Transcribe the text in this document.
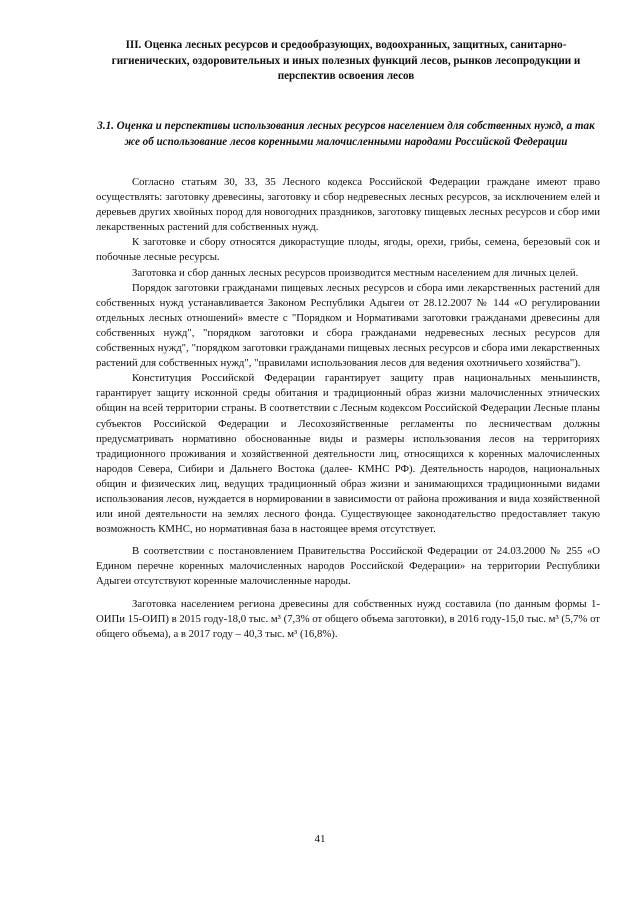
III. Оценка лесных ресурсов и средообразующих, водоохранных, защитных, санитарно-гигиенических, оздоровительных и иных полезных функций лесов, рынков лесопродукции и перспектив освоения лесов
3.1. Оценка и перспективы использования лесных ресурсов населением для собственных нужд, а так же об использование лесов коренными малочисленными народами Российской Федерации

Согласно статьям 30, 33, 35 Лесного кодекса Российской Федерации граждане имеют право осуществлять: заготовку древесины, заготовку и сбор недревесных лесных ресурсов, за исключением елей и деревьев других хвойных пород для новогодних праздников, заготовку пищевых лесных ресурсов и сбор ими лекарственных растений для собственных нужд.

К заготовке и сбору относятся дикорастущие плоды, ягоды, орехи, грибы, семена, березовый сок и побочные лесные ресурсы.

Заготовка и сбор данных лесных ресурсов производится местным населением для личных целей.

Порядок заготовки гражданами пищевых лесных ресурсов и сбора ими лекарственных растений для собственных нужд устанавливается Законом Республики Адыгеи от 28.12.2007 № 144 «О регулировании отдельных лесных отношений» вместе с "Порядком и Нормативами заготовки гражданами древесины для собственных нужд", "порядком заготовки и сбора гражданами недревесных лесных ресурсов для собственных нужд", "порядком заготовки гражданами пищевых лесных ресурсов и сбора ими лекарственных растений для собственных нужд", "правилами использования лесов для ведения охотничьего хозяйства").

Конституция Российской Федерации гарантирует защиту прав национальных меньшинств, гарантирует защиту исконной среды обитания и традиционный образ жизни малочисленных этнических общин на всей территории страны. В соответствии с Лесным кодексом Российской Федерации Лесные планы субъектов Российской Федерации и Лесохозяйственные регламенты по лесничествам должны предусматривать нормативно обоснованные виды и размеры использования лесов на территориях традиционного проживания и хозяйственной деятельности лиц, относящихся к коренных малочисленных народов Севера, Сибири и Дальнего Востока (далее- КМНС РФ). Деятельность народов, национальных общин и физических лиц, ведущих традиционный образ жизни и занимающихся традиционными видами использования лесов, нуждается в нормировании в зависимости от района проживания и вида хозяйственной или иной деятельности на землях лесного фонда. Существующее законодательство предоставляет такую возможность КМНС, но нормативная база в настоящее время отсутствует.

В соответствии с постановлением Правительства Российской Федерации от 24.03.2000 № 255 «О Едином перечне коренных малочисленных народов Российской Федерации» на территории Республики Адыгеи отсутствуют коренные малочисленные народы.

Заготовка населением региона древесины для собственных нужд составила (по данным формы 1-ОИПи 15-ОИП) в 2015 году-18,0 тыс. м³ (7,3% от общего объема заготовки), в 2016 году-15,0 тыс. м³ (5,7% от общего объема), а в 2017 году – 40,3 тыс. м³ (16,8%).

41
